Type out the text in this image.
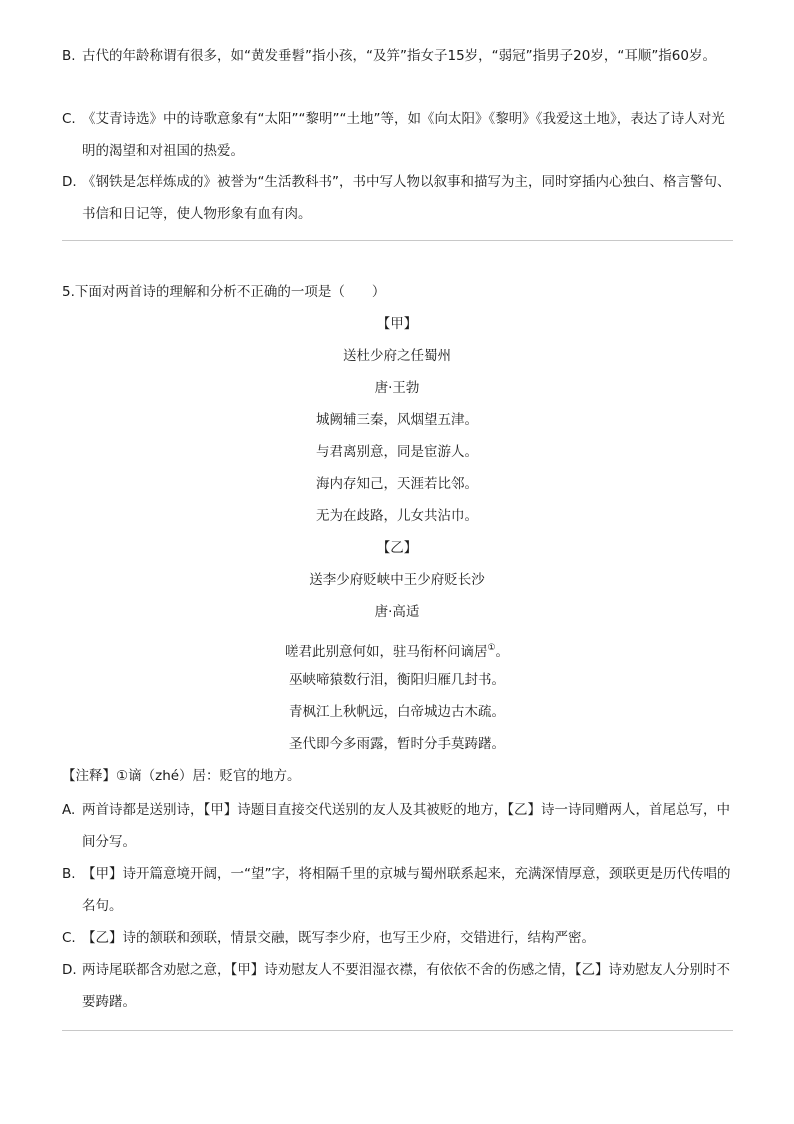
B. 古代的年龄称谓有很多，如“黄发垂髫”指小孩，“及笄”指女子15岁，“弱冠”指男子20岁，“耳顺”指60岁。
C. 《艾青诗选》中的诗歌意象有“太阳”“黎明”“土地”等，如《向太阳》《黎明》《我爱这土地》，表达了诗人对光明的渴望和对祖国的热爱。
D. 《钢铁是怎样炼成的》被誉为“生活教科书”，书中写人物以叙事和描写为主，同时穿插内心独白、格言警句、书信和日记等，使人物形象有血有肉。
5.下面对两首诗的理解和分析不正确的一项是（　　）
【甲】
送杜少府之任蜀州
唐·王勃
城阙辅三秦，风烟望五津。
与君离别意，同是宦游人。
海内存知己，天涯若比邻。
无为在歧路，儿女共沾巾。
【乙】
送李少府贬峡中王少府贬长沙
唐·高适
嗟君此别意何如，驻马衔杯问谪居①。
巫峡啼猿数行泪，衡阳归雁几封书。
青枫江上秋帆远，白帝城边古木疏。
圣代即今多雨露，暂时分手莫踌躇。
【注释】①谪（zhé）居：贬官的地方。
A. 两首诗都是送别诗，【甲】诗题目直接交代送别的友人及其被贬的地方，【乙】诗一诗同赠两人，首尾总写，中间分写。
B. 【甲】诗开篇意境开阔，一“望”字，将相隔千里的京城与蜀州联系起来，充满深情厚意，颈联更是历代传唱的名句。
C. 【乙】诗的颔联和颈联，情景交融，既写李少府，也写王少府，交错进行，结构严密。
D. 两诗尾联都含劝慰之意，【甲】诗劝慰友人不要泪湿衣襟，有依依不舍的伤感之情，【乙】诗劝慰友人分别时不要踌躇。
